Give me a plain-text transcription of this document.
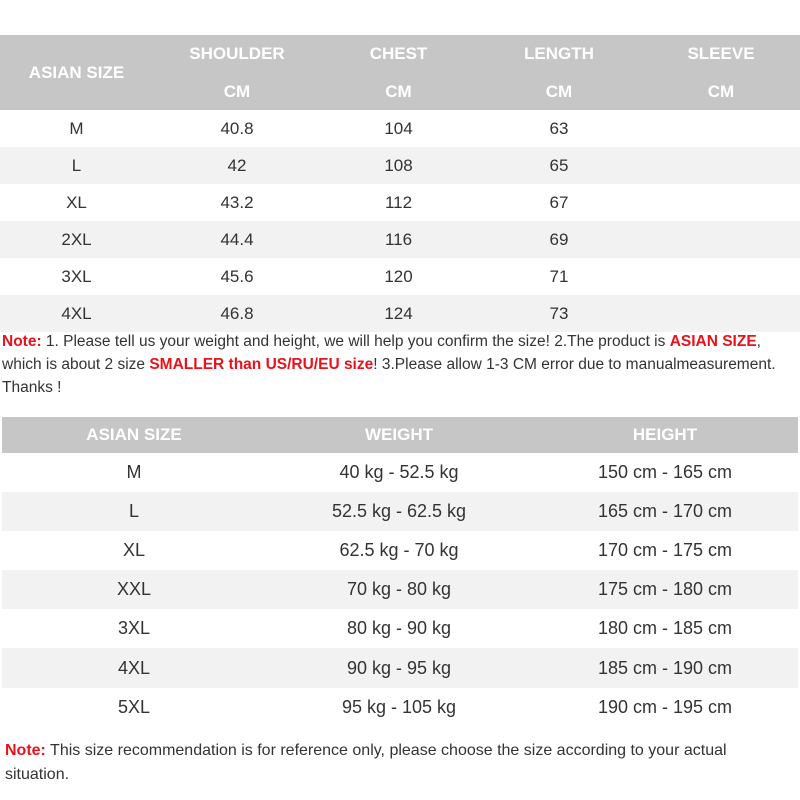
ASIAN SIZE	SHOULDER	CHEST	LENGTH	SLEEVE
	CM	CM	CM	CM
M	40.8	104	63	
L	42	108	65	
XL	43.2	112	67	
2XL	44.4	116	69	
3XL	45.6	120	71	
4XL	46.8	124	73	
Note: 1. Please tell us your weight and height, we will help you confirm the size! 2.The product is ASIAN SIZE, which is about 2 size SMALLER than US/RU/EU size! 3.Please allow 1-3 CM error due to manualmeasurement. Thanks !
ASIAN SIZE	WEIGHT	HEIGHT
M	40 kg - 52.5 kg	150 cm - 165 cm
L	52.5 kg - 62.5 kg	165 cm - 170 cm
XL	62.5 kg - 70 kg	170 cm - 175 cm
XXL	70 kg - 80 kg	175 cm - 180 cm
3XL	80 kg - 90 kg	180 cm - 185 cm
4XL	90 kg - 95 kg	185 cm - 190 cm
5XL	95 kg - 105 kg	190 cm - 195 cm
Note: This size recommendation is for reference only, please choose the size according to your actual situation.
